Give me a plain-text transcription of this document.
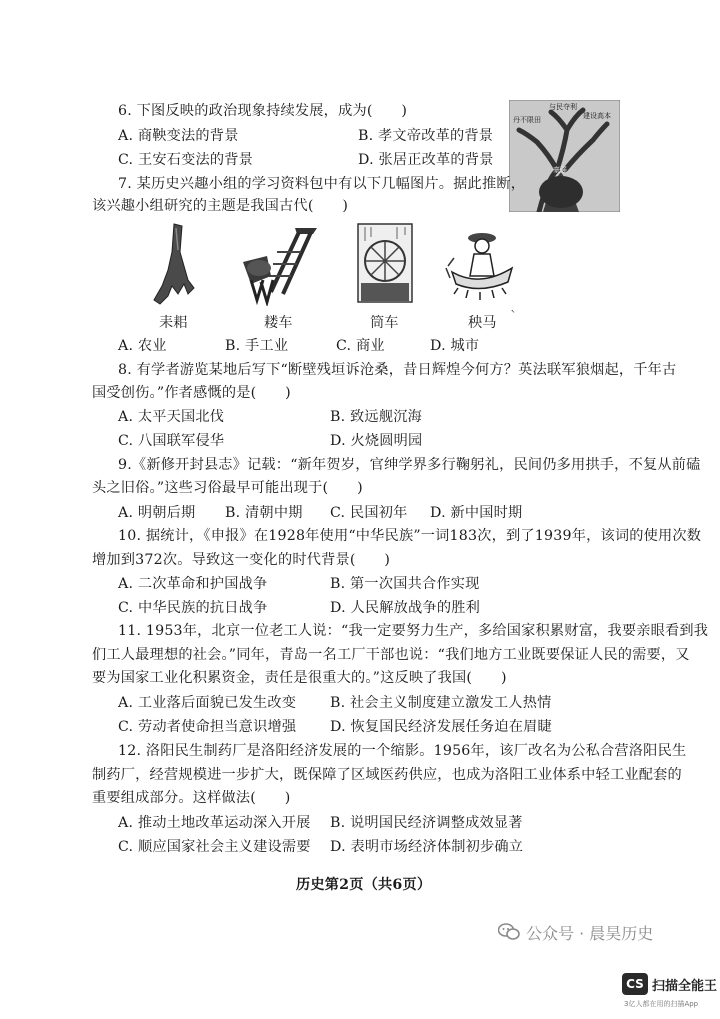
6. 下图反映的政治现象持续发展，成为(　　)
A. 商鞅变法的背景	B. 孝文帝改革的背景
C. 王安石变法的背景	D. 张居正改革的背景
丹不限田
与民夺利
建设高本
豪强
7. 某历史兴趣小组的学习资料包中有以下几幅图片。据此推断，
该兴趣小组研究的主题是我国古代(　　)
耒耜	耧车	筒车	秧马 `
A. 农业	B. 手工业	C. 商业	D. 城市
8. 有学者游览某地后写下“断壁残垣诉沧桑，昔日辉煌今何方？英法联军狼烟起，千年古
国受创伤。”作者感慨的是(　　)
A. 太平天国北伐	B. 致远舰沉海
C. 八国联军侵华	D. 火烧圆明园
9.《新修开封县志》记载：“新年贺岁，官绅学界多行鞠躬礼，民间仍多用拱手，不复从前磕
头之旧俗。”这些习俗最早可能出现于(　　)
A. 明朝后期 B. 清朝中期 C. 民国初年 D. 新中国时期
10. 据统计，《申报》在1928年使用“中华民族”一词183次，到了1939年，该词的使用次数
增加到372次。导致这一变化的时代背景(　　)
A. 二次革命和护国战争	B. 第一次国共合作实现
C. 中华民族的抗日战争	D. 人民解放战争的胜利
11. 1953年，北京一位老工人说：“我一定要努力生产，多给国家积累财富，我要亲眼看到我
们工人最理想的社会。”同年，青岛一名工厂干部也说：“我们地方工业既要保证人民的需要，又
要为国家工业化积累资金，责任是很重大的。”这反映了我国(　　)
A. 工业落后面貌已发生改变 B. 社会主义制度建立激发工人热情
C. 劳动者使命担当意识增强 D. 恢复国民经济发展任务迫在眉睫
12. 洛阳民生制药厂是洛阳经济发展的一个缩影。1956年，该厂改名为公私合营洛阳民生
制药厂，经营规模进一步扩大，既保障了区域医药供应，也成为洛阳工业体系中轻工业配套的
重要组成部分。这样做法(　　)
A. 推动土地改革运动深入开展 B. 说明国民经济调整成效显著
C. 顺应国家社会主义建设需要 D. 表明市场经济体制初步确立
历史第2页（共6页）
公众号 · 晨昊历史
CS 扫描全能王
3亿人都在用的扫描App
